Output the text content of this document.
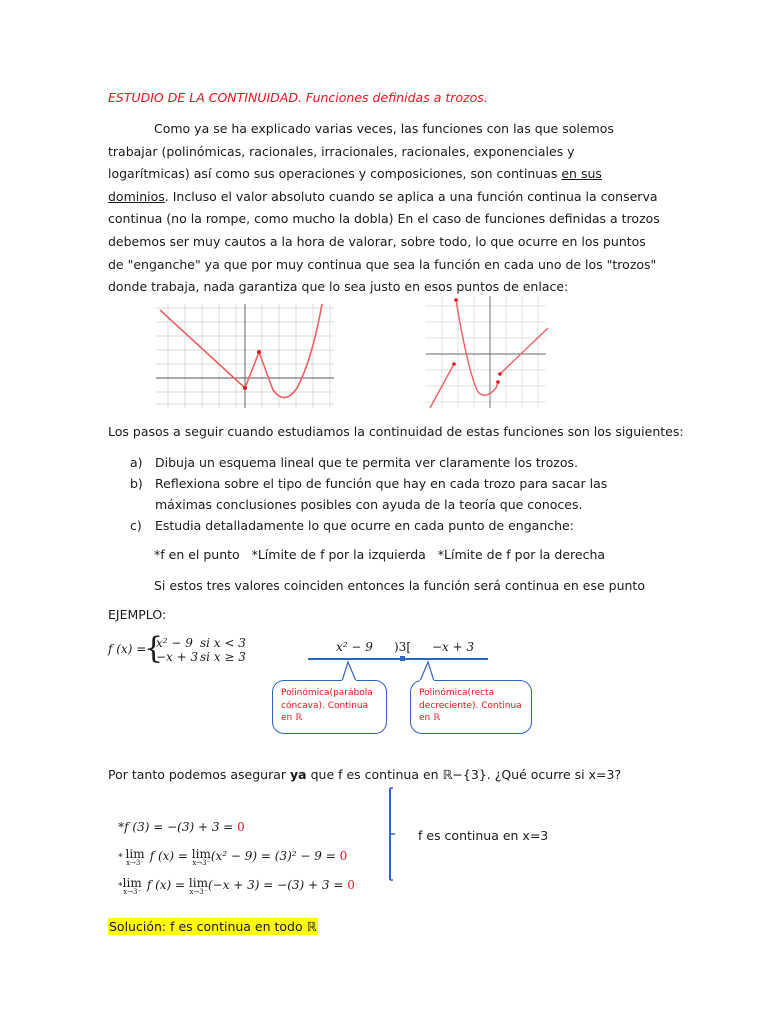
ESTUDIO DE LA CONTINUIDAD. Funciones definidas a trozos.
Como ya se ha explicado varias veces, las funciones con las que solemos trabajar (polinómicas, racionales, irracionales, racionales, exponenciales y logarítmicas) así como sus operaciones y composiciones, son continuas en sus dominios. Incluso el valor absoluto cuando se aplica a una función continua la conserva continua (no la rompe, como mucho la dobla) En el caso de funciones definidas a trozos debemos ser muy cautos a la hora de valorar, sobre todo, lo que ocurre en los puntos de "enganche" ya que por muy continua que sea la función en cada uno de los "trozos" donde trabaja, nada garantiza que lo sea justo en esos puntos de enlace:
Los pasos a seguir cuando estudiamos la continuidad de estas funciones son los siguientes:
a) Dibuja un esquema lineal que te permita ver claramente los trozos.
b) Reflexiona sobre el tipo de función que hay en cada trozo para sacar las máximas conclusiones posibles con ayuda de la teoría que conoces.
c)	Estudia detalladamente lo que ocurre en cada punto de enganche:
*f en el punto   *Límite de f por la izquierda   *Límite de f por la derecha
Si estos tres valores coinciden entonces la función será continua en ese punto
EJEMPLO:
f (x) =
{
x² − 9 si x < 3
−x + 3 si x ≥ 3
x² − 9 )3[ −x + 3
Polinómica(parábola cóncava). Continua en ℝ
Polinómica(recta decreciente). Continua en ℝ
Por tanto podemos asegurar ya que f es continua en ℝ−{3}. ¿Qué ocurre si x=3?

*f (3) = −(3) + 3 = 0

* lim
x→3⁻ f (x) = lim
x→3⁻ (x² − 9) = (3)² − 9 = 0

*lim
x→3⁻ f (x) = lim
x→3⁻ (−x + 3) = −(3) + 3 = 0

f es continua en x=3
Solución: f es continua en todo ℝ
